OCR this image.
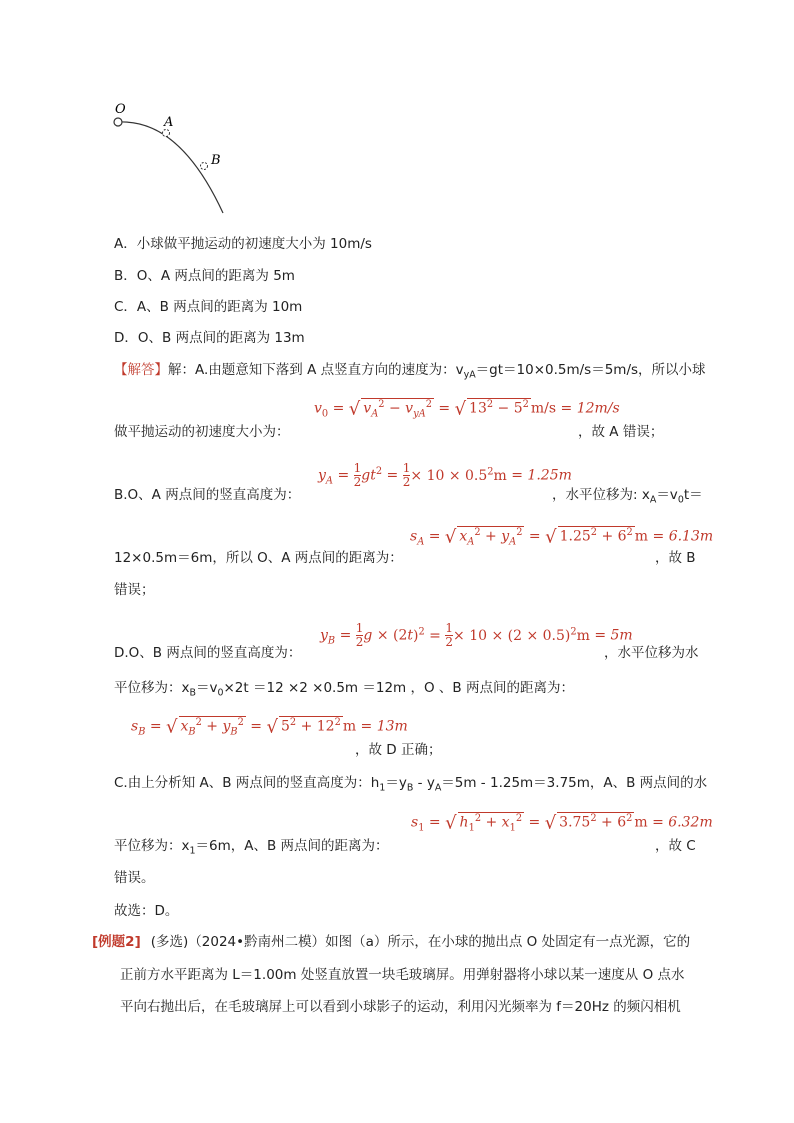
O
A
B
A．小球做平抛运动的初速度大小为 10m/s
B．O、A 两点间的距离为 5m
C．A、B 两点间的距离为 10m
D．O、B 两点间的距离为 13m
【解答】解：A.由题意知下落到 A 点竖直方向的速度为：$v_{yA}=gt=10\times 0.5m/s=5m/s$，所以小球
做平抛运动的初速度大小为：
$v_0$ = √ $v_A^2 - v_{yA}^2$ = √ $13^2 - 5^2$ m/s = 12m/s
，故 A 错误；
B.O、A 两点间的竖直高度为：
$y_A = \frac{1}{2} gt^2 = \frac{1}{2} \times 10 \times 0.5^2m = 1.25m$
，水平位移为: $x_A=v_0t=$
12×0.5m＝6m，所以 O、A 两点间的距离为：
$s_A$ = √ $x_A^2 + y_A^2$ = √ $1.25^2 + 6^2$ m = 6.13m
，故 B
错误；
D.O、B 两点间的竖直高度为：
$y_B = \frac{1}{2}$ $g \times (2t)^2 = \frac{1}{2} \times 10 \times (2 \times 0.5)^2m = 5m$
，水平位移为水
平位移为：$x_B=v_0\times 2t =12 \times 2 \times 0.5m =12m$ ，O 、B 两点间的距离为：
$s_B$ = √ $x_B^2 + y_B^2$ = √ $5^2 + 12^2$ m = 13m
，故 D 正确；
C.由上分析知 A、B 两点间的竖直高度为：$h_1=y_B - y_A=5m - 1.25m=3.75m$，A、B 两点间的水
平位移为：$x_1=6m$，A、B 两点间的距离为：
$s_1$ = √ $h_1^2 + x_1^2$ = √ $3.75^2 + 6^2$ m = 6.32m
，故 C
错误。
故选：D。
[例题2] (多选)（2024•黔南州二模）如图（a）所示，在小球的抛出点 O 处固定有一点光源，它的
正前方水平距离为 L＝1.00m 处竖直放置一块毛玻璃屏。用弹射器将小球以某一速度从 O 点水
平向右抛出后，在毛玻璃屏上可以看到小球影子的运动，利用闪光频率为 f＝20Hz 的频闪相机
